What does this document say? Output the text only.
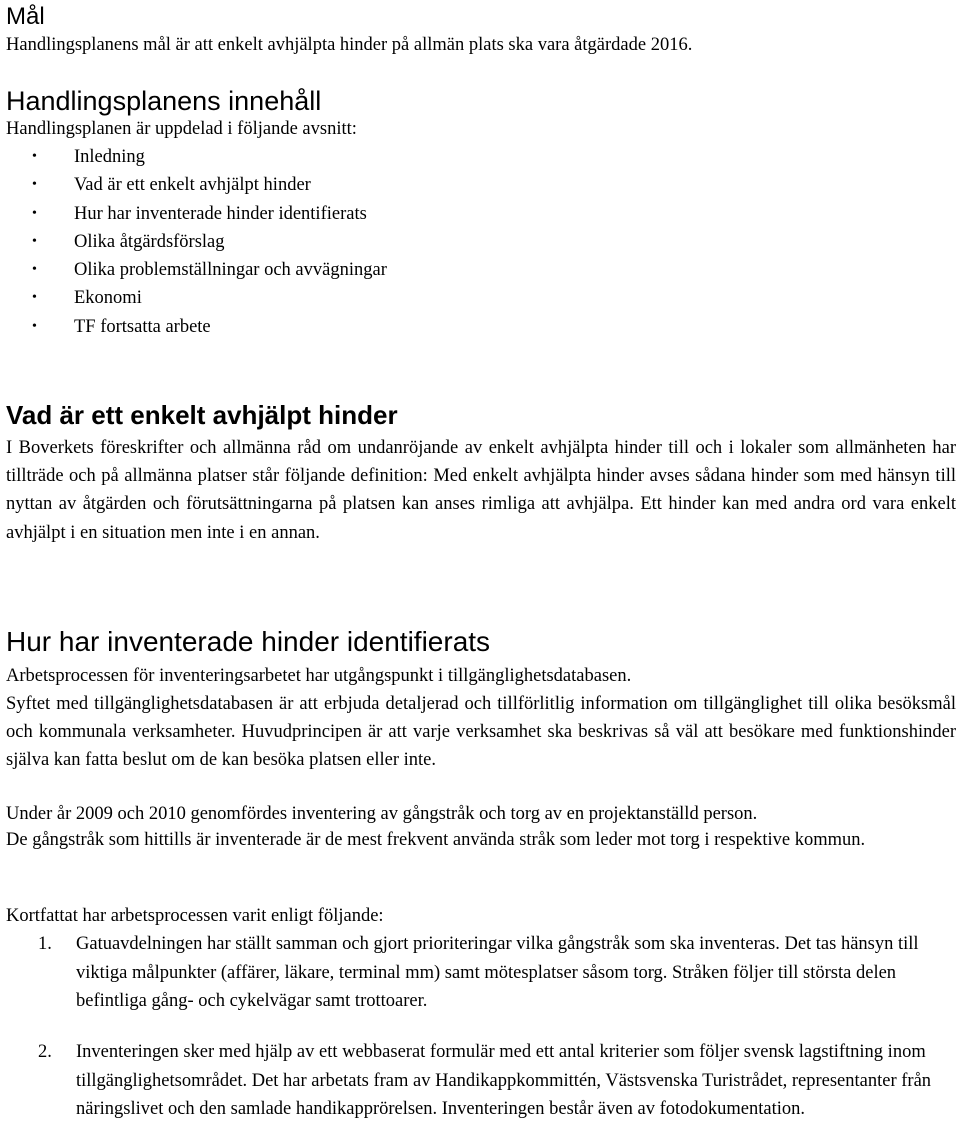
Mål

Handlingsplanens mål är att enkelt avhjälpta hinder på allmän plats ska vara åtgärdade 2016.

Handlingsplanens innehåll

Handlingsplanen är uppdelad i följande avsnitt:

• Inledning
• Vad är ett enkelt avhjälpt hinder
• Hur har inventerade hinder identifierats
• Olika åtgärdsförslag
• Olika problemställningar och avvägningar
• Ekonomi
• TF fortsatta arbete
Vad är ett enkelt avhjälpt hinder

I Boverkets föreskrifter och allmänna råd om undanröjande av enkelt avhjälpta hinder till och i lokaler som allmänheten har tillträde och på allmänna platser står följande definition: Med enkelt avhjälpta hinder avses sådana hinder som med hänsyn till nyttan av åtgärden och förutsättningarna på platsen kan anses rimliga att avhjälpa. Ett hinder kan med andra ord vara enkelt avhjälpt i en situation men inte i en annan.

Hur har inventerade hinder identifierats

Arbetsprocessen för inventeringsarbetet har utgångspunkt i tillgänglighetsdatabasen.

Syftet med tillgänglighetsdatabasen är att erbjuda detaljerad och tillförlitlig information om tillgänglighet till olika besöksmål och kommunala verksamheter. Huvudprincipen är att varje verksamhet ska beskrivas så väl att besökare med funktionshinder själva kan fatta beslut om de kan besöka platsen eller inte.

Under år 2009 och 2010 genomfördes inventering av gångstråk och torg av en projektanställd person.

De gångstråk som hittills är inventerade är de mest frekvent använda stråk som leder mot torg i respektive kommun.

Kortfattat har arbetsprocessen varit enligt följande:

1. Gatuavdelningen har ställt samman och gjort prioriteringar vilka gångstråk som ska inventeras. Det tas hänsyn till viktiga målpunkter (affärer, läkare, terminal mm) samt mötesplatser såsom torg. Stråken följer till största delen befintliga gång- och cykelvägar samt trottoarer.
2. Inventeringen sker med hjälp av ett webbaserat formulär med ett antal kriterier som följer svensk lagstiftning inom tillgänglighetsområdet. Det har arbetats fram av Handikappkommittén, Västsvenska Turistrådet, representanter från näringslivet och den samlade handikapprörelsen. Inventeringen består även av fotodokumentation.
